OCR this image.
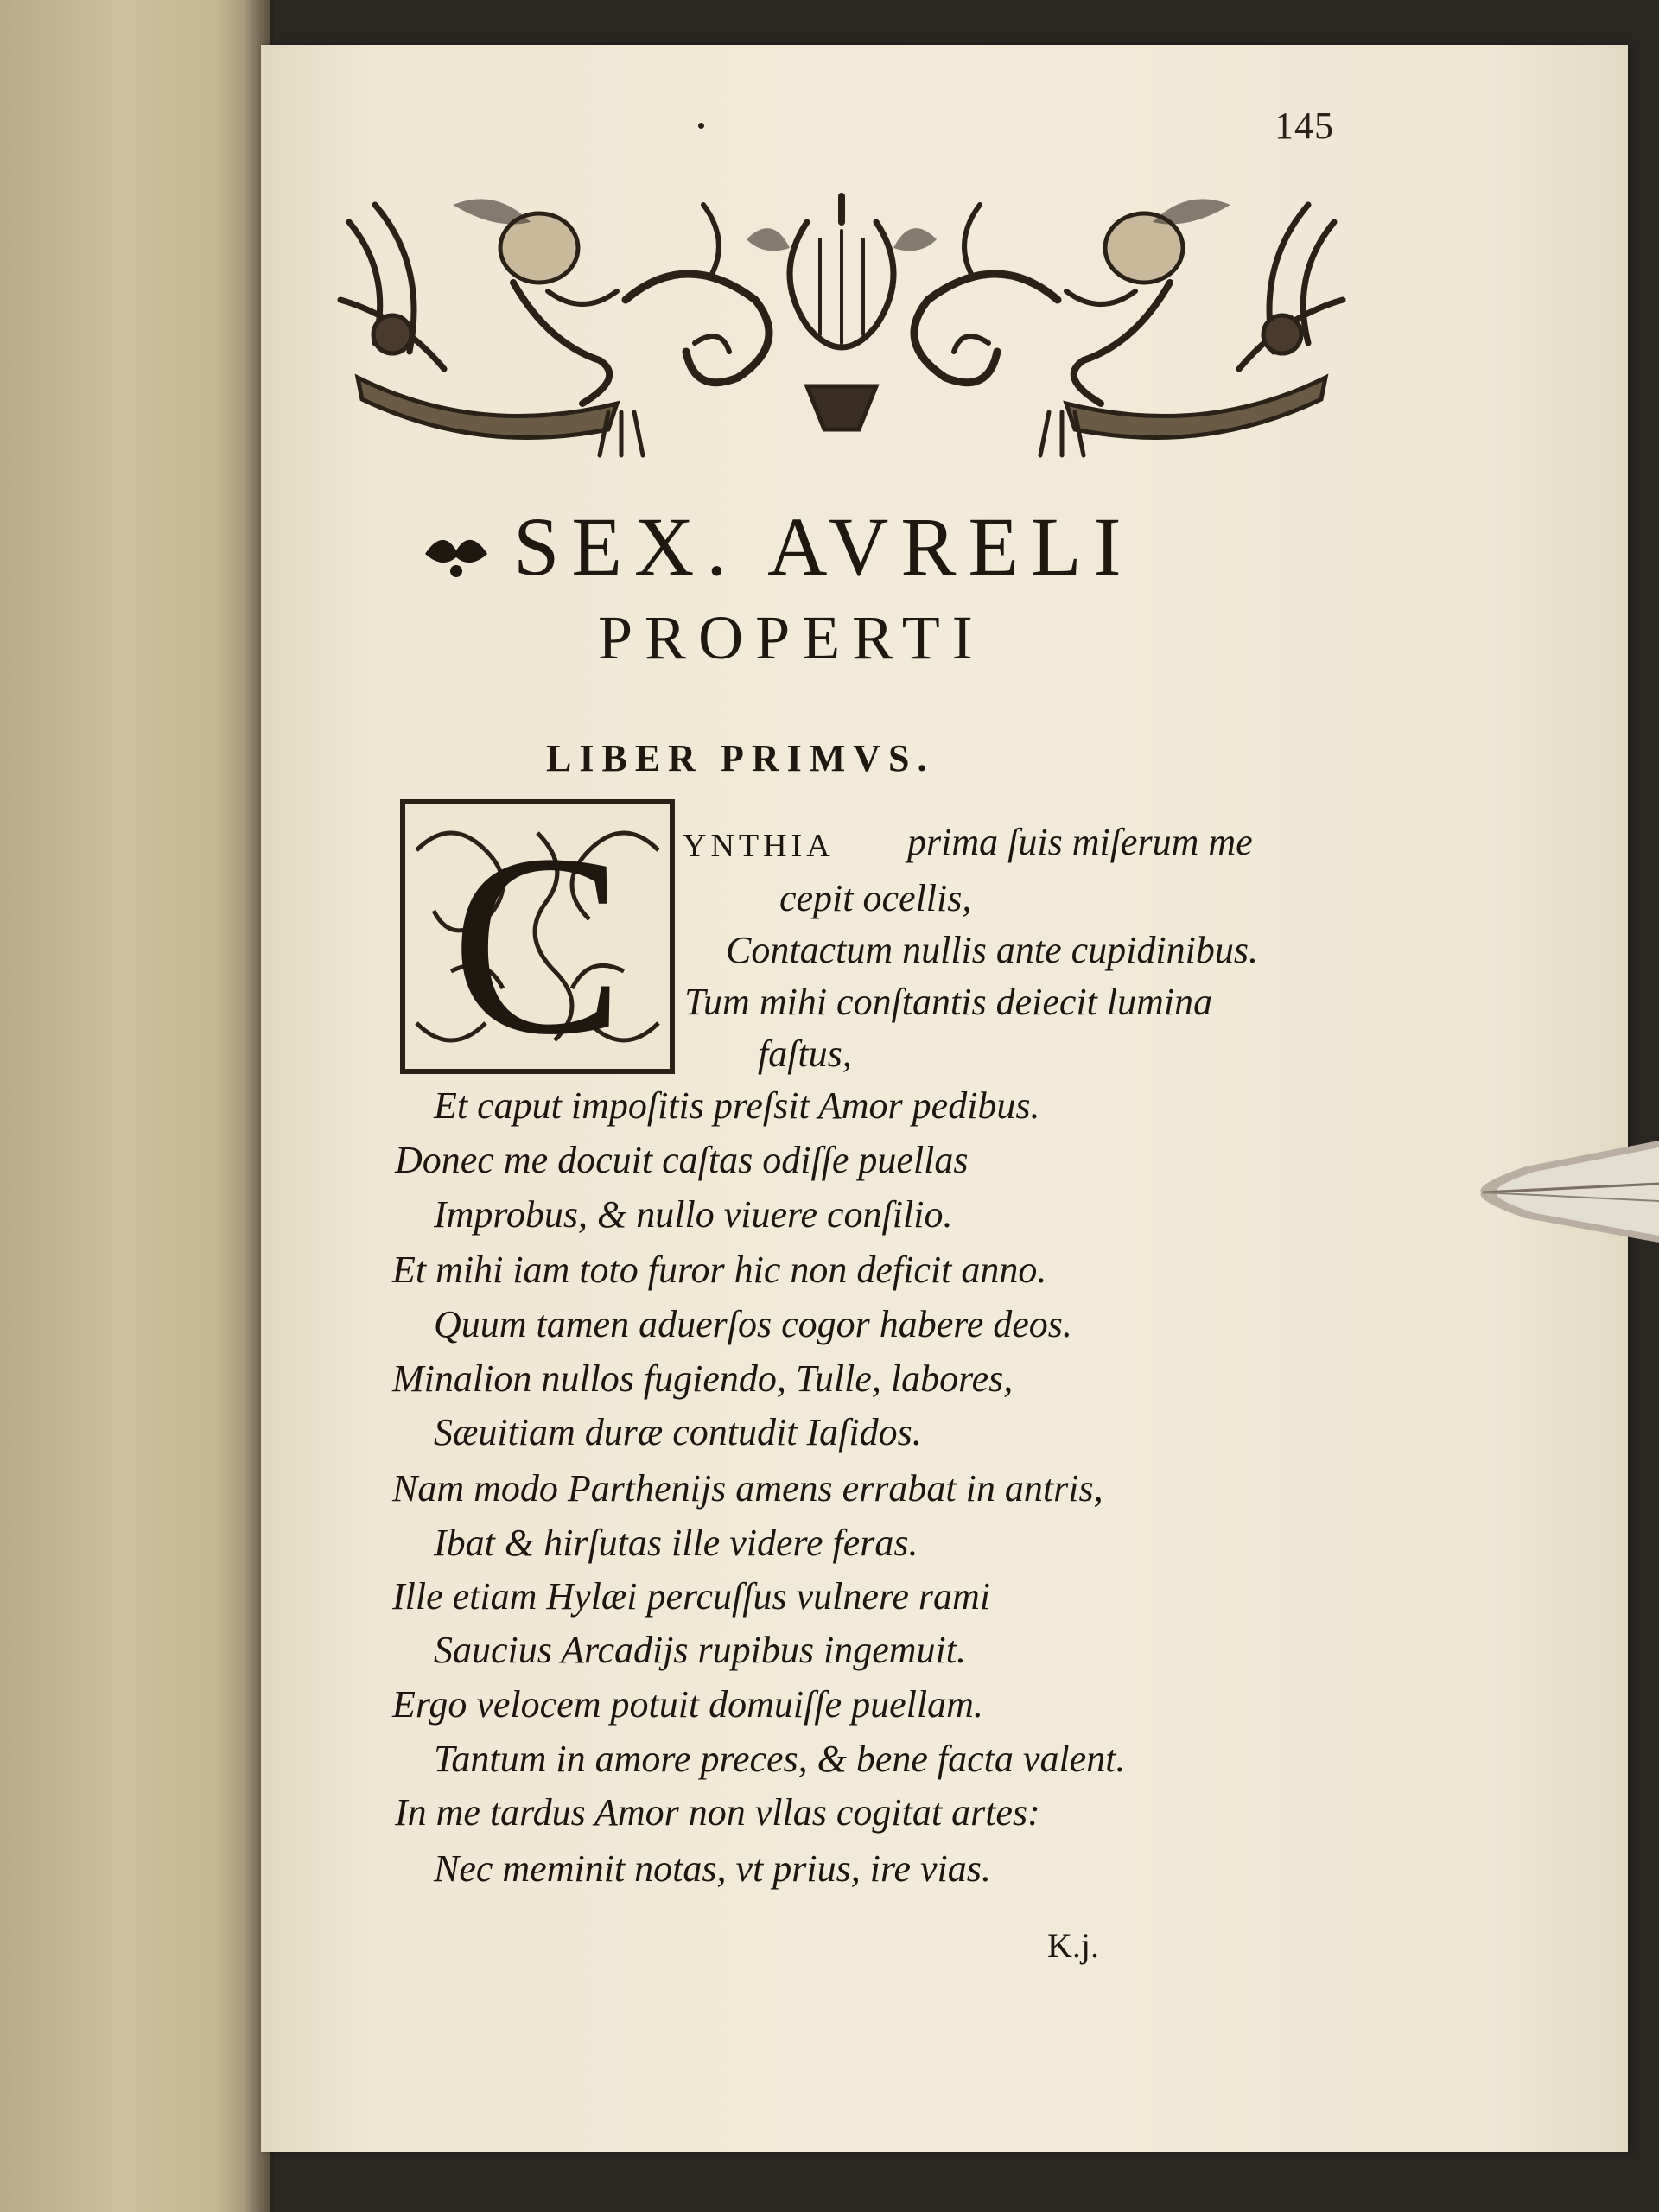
145
SEX. AVRELI
PROPERTI
LIBER PRIMVS.
C YNTHIA prima ſuis miſerum me
cepit ocellis,
Contactum nullis ante cupidinibus.
Tum mihi conſtantis deiecit lumina
faſtus,
Et caput impoſitis preſsit Amor pedibus.
Donec me docuit caſtas odiſſe puellas
Improbus, & nullo viuere conſilio.
Et mihi iam toto furor hic non deficit anno.
Quum tamen aduerſos cogor habere deos.
Minalion nullos fugiendo, Tulle, labores,
Sæuitiam duræ contudit Iaſidos.
Nam modo Parthenijs amens errabat in antris,
Ibat & hirſutas ille videre feras.
Ille etiam Hylæi percuſſus vulnere rami
Saucius Arcadijs rupibus ingemuit.
Ergo velocem potuit domuiſſe puellam.
Tantum in amore preces, & bene facta valent.
In me tardus Amor non vllas cogitat artes:
Nec meminit notas, vt prius, ire vias.
K.j.
